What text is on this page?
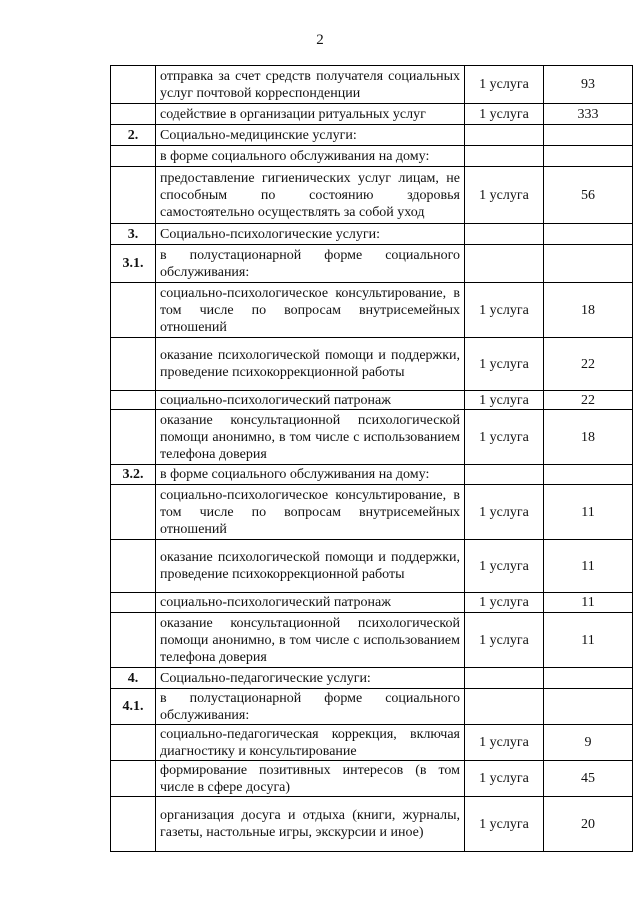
2
	отправка за счет средств получателя социальных услуг почтовой корреспонденции	1 услуга	93
	содействие в организации ритуальных услуг	1 услуга	333
2.	Социально-медицинские услуги:		
	в форме социального обслуживания на дому:		
	предоставление гигиенических услуг лицам, не способным по состоянию здоровья самостоятельно осуществлять за собой уход	1 услуга	56
3.	Социально-психологические услуги:		
3.1.	в полустационарной форме социального обслуживания:		
	социально-психологическое консультирование, в том числе по вопросам внутрисемейных отношений	1 услуга	18
	оказание психологической помощи и поддержки, проведение психокоррекционной работы	1 услуга	22
	социально-психологический патронаж	1 услуга	22
	оказание консультационной психологической помощи анонимно, в том числе с использованием телефона доверия	1 услуга	18
3.2.	в форме социального обслуживания на дому:		
	социально-психологическое консультирование, в том числе по вопросам внутрисемейных отношений	1 услуга	11
	оказание психологической помощи и поддержки, проведение психокоррекционной работы	1 услуга	11
	социально-психологический патронаж	1 услуга	11
	оказание консультационной психологической помощи анонимно, в том числе с использованием телефона доверия	1 услуга	11
4.	Социально-педагогические услуги:		
4.1.	в полустационарной форме социального обслуживания:		
	социально-педагогическая коррекция, включая диагностику и консультирование	1 услуга	9
	формирование позитивных интересов (в том числе в сфере досуга)	1 услуга	45
	организация досуга и отдыха (книги, журналы, газеты, настольные игры, экскурсии и иное)	1 услуга	20
